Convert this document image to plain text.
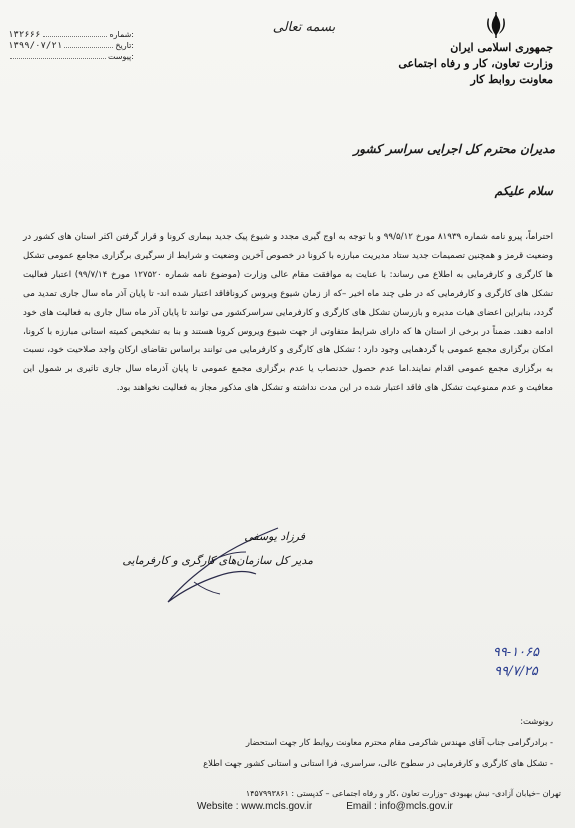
جمهوری اسلامی ایران
وزارت تعاون، کار و رفاه اجتماعی
معاونت روابط کار
بسمه تعالی
۱۳۲۶۶۶	شماره:
۱۳۹۹/۰۷/۲۱	تاریخ:
پیوست:
مدیران محترم کل اجرایی سراسر کشور
سلام علیکم
احتراماً، پیرو نامه شماره ۸۱۹۳۹ مورخ ۹۹/۵/۱۲ و با توجه به اوج گیری مجدد و شیوع پیک جدید بیماری کرونا و قرار گرفتن اکثر استان های کشور در وضعیت قرمز و همچنین تصمیمات جدید ستاد مدیریت مبارزه با کرونا در خصوص آخرین وضعیت و شرایط از سرگیری برگزاری مجامع عمومی تشکل ها کارگری و کارفرمایی به اطلاع می رساند: با عنایت به موافقت مقام عالی وزارت (موضوع نامه شماره ۱۲۷۵۲۰ مورخ ۹۹/۷/۱۴) اعتبار فعالیت تشکل های کارگری و کارفرمایی که در طی چند ماه اخیر –که از زمان شیوع ویروس کرونافاقد اعتبار شده اند- تا پایان آذر ماه سال جاری تمدید می گردد، بنابراین اعضای هیات مدیره و بازرسان تشکل های کارگری و کارفرمایی سراسرکشور می توانند تا پایان آذر ماه سال جاری به فعالیت های خود ادامه دهند. ضمناً در برخی از استان ها که دارای شرایط متفاوتی از جهت شیوع ویروس کرونا هستند و بنا به تشخیص کمیته استانی مبارزه با کرونا، امکان برگزاری مجمع عمومی یا گردهمایی وجود دارد ؛ تشکل های کارگری و کارفرمایی می توانند براساس تقاضای ارکان واجد صلاحیت خود، نسبت به برگزاری مجمع عمومی اقدام نمایند.اما عدم حصول حدنصاب یا عدم برگزاری مجمع عمومی تا پایان آذرماه سال جاری تاثیری بر شمول این معافیت و عدم ممنوعیت تشکل های فاقد اعتبار شده در این مدت نداشته و تشکل های مذکور مجاز به فعالیت نخواهند بود.
فرزاد یوسفی
مدیر کل سازمان‌های کارگری و کارفرمایی
۹۹-۱۰۶۵
۹۹/۷/۲۵
رونوشت:
- برادرگرامی جناب آقای مهندس شاکرمی مقام محترم معاونت روابط کار جهت استحضار
- تشکل های کارگری و کارفرمایی در سطوح عالی، سراسری، فرا استانی و استانی کشور جهت اطلاع
تهران –خیابان آزادی- نبش بهبودی –وزارت تعاون ،کار و رفاه اجتماعی – کدپستی : ۱۴۵۷۹۹۳۸۶۱
Website : www.mcls.gov.ir	Email : info@mcls.gov.ir
